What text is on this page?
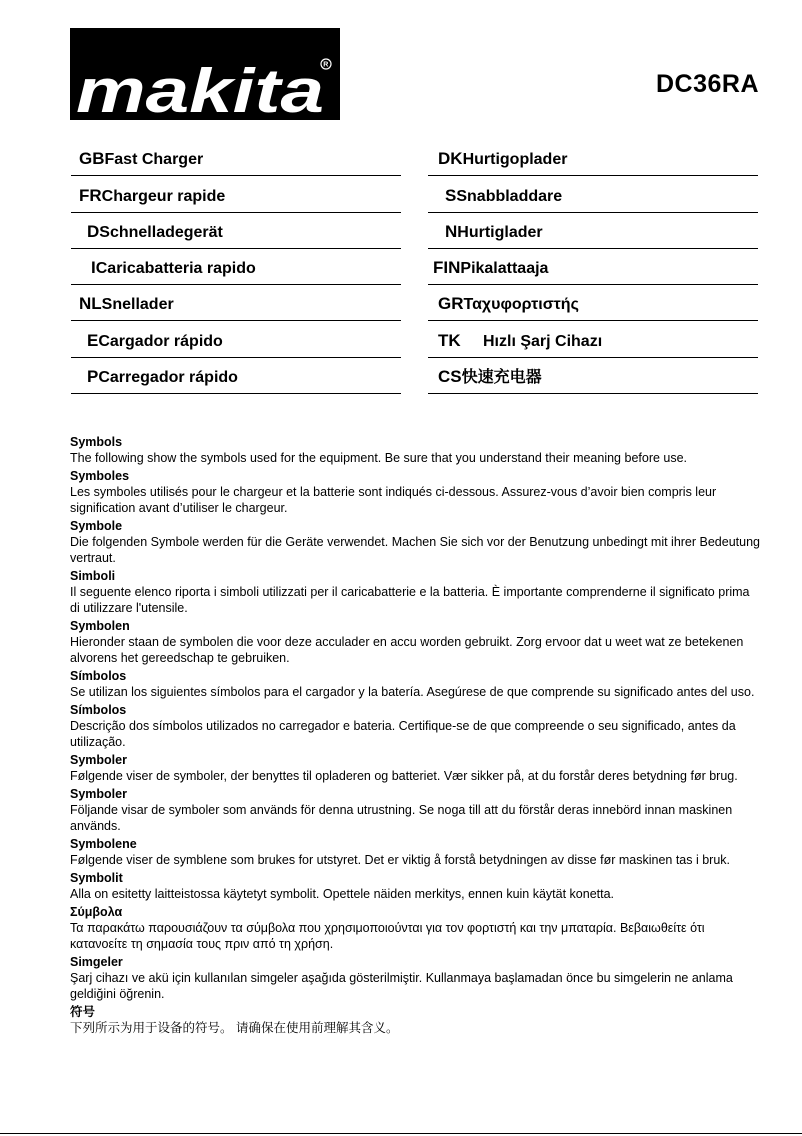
makita R
DC36RA
GBFast Charger
FRChargeur rapide
DSchnelladegerät
ICaricabatteria rapido
NLSnellader
ECargador rápido
PCarregador rápido
DKHurtigoplader
SSnabbladdare
NHurtiglader
FINPikalattaaja
GRΤαχυφορτιστής
TK Hızlı Şarj Cihazı
CS快速充电器
Symbols
The following show the symbols used for the equipment. Be sure that you understand their meaning before use.
Symboles
Les symboles utilisés pour le chargeur et la batterie sont indiqués ci-dessous. Assurez-vous d’avoir bien compris leur signification avant d’utiliser le chargeur.
Symbole
Die folgenden Symbole werden für die Geräte verwendet. Machen Sie sich vor der Benutzung unbedingt mit ihrer Bedeutung vertraut.
Simboli
Il seguente elenco riporta i simboli utilizzati per il caricabatterie e la batteria. È importante comprenderne il significato prima di utilizzare l'utensile.
Symbolen
Hieronder staan de symbolen die voor deze acculader en accu worden gebruikt. Zorg ervoor dat u weet wat ze betekenen alvorens het gereedschap te gebruiken.
Símbolos
Se utilizan los siguientes símbolos para el cargador y la batería. Asegúrese de que comprende su significado antes del uso.
Símbolos
Descrição dos símbolos utilizados no carregador e bateria. Certifique-se de que compreende o seu significado, antes da utilização.
Symboler
Følgende viser de symboler, der benyttes til opladeren og batteriet. Vær sikker på, at du forstår deres betydning før brug.
Symboler
Följande visar de symboler som används för denna utrustning. Se noga till att du förstår deras innebörd innan maskinen används.
Symbolene
Følgende viser de symblene som brukes for utstyret. Det er viktig å forstå betydningen av disse før maskinen tas i bruk.
Symbolit
Alla on esitetty laitteistossa käytetyt symbolit. Opettele näiden merkitys, ennen kuin käytät konetta.
Σύμβολα
Τα παρακάτω παρουσιάζουν τα σύμβολα που χρησιμοποιούνται για τον φορτιστή και την μπαταρία. Βεβαιωθείτε ότι κατανοείτε τη σημασία τους πριν από τη χρήση.
Simgeler
Şarj cihazı ve akü için kullanılan simgeler aşağıda gösterilmiştir. Kullanmaya başlamadan önce bu simgelerin ne anlama geldiğini öğrenin.
符号
下列所示为用于设备的符号。 请确保在使用前理解其含义。
